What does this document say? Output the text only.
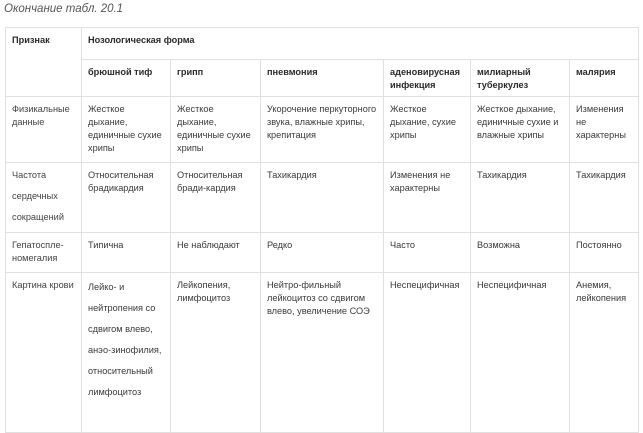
Окончание табл. 20.1
Признак	Нозологическая форма					
	брюшной тиф	грипп	пневмония	аденовирусная инфекция	милиарный туберкулез	малярия
Физикальные данные	Жесткое дыхание, единичные сухие хрипы	Жесткое дыхание, единичные сухие хрипы	Укорочение перкуторного звука, влажные хрипы, крепитация	Жесткое дыхание, сухие хрипы	Жесткое дыхание, единичные сухие и влажные хрипы	Изменения не характерны
Частота сердечных сокращений	Относительная брадикардия	Относительная бради-кардия	Тахикардия	Изменения не характерны	Тахикардия	Тахикардия
Гепатоспле-номегалия	Типична	Не наблюдают	Редко	Часто	Возможна	Постоянно
Картина крови	Лейко- и нейтропения со сдвигом влево, анэо-зинофилия, относительный лимфоцитоз	Лейкопения, лимфоцитоз	Нейтро-фильный лейкоцитоз со сдвигом влево, увеличение СОЭ	Неспецифичная	Неспецифичная	Анемия, лейкопения
